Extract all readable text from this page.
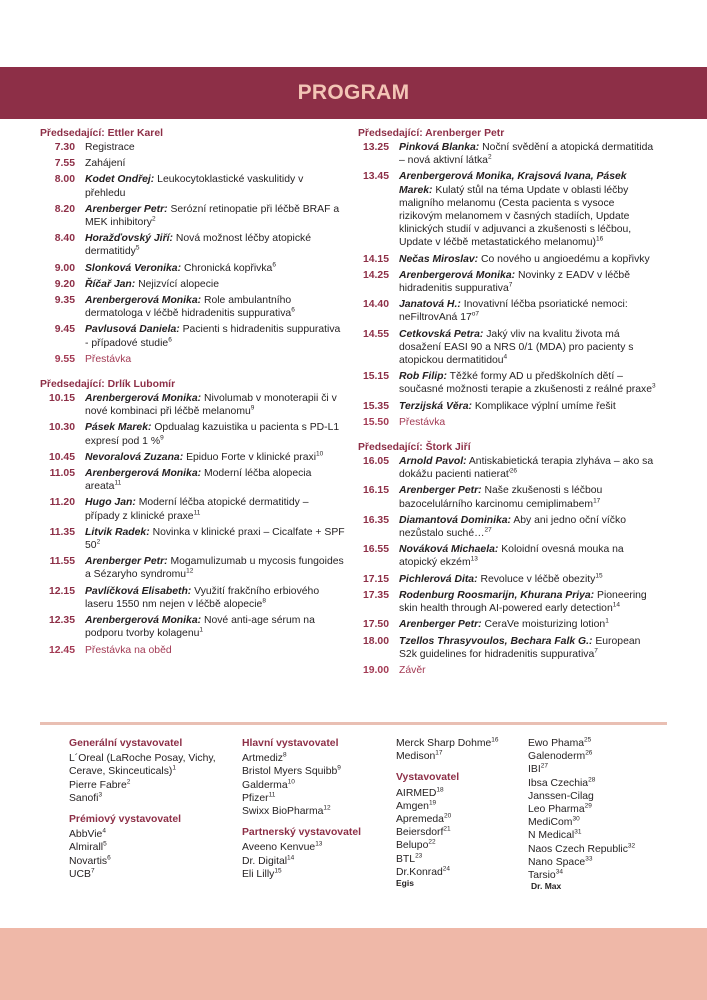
PROGRAM
Předsedající: Ettler Karel
7.30 Registrace
7.55 Zahájení
8.00 Kodet Ondřej: Leukocytoklastické vaskulitidy v přehledu
8.20 Arenberger Petr: Serózní retinopatie při léčbě BRAF a MEK inhibitory$^2$
8.40 Horažďovský Jiří: Nová možnost léčby atopické dermatitidy$^5$
9.00 Slonková Veronika: Chronická kopřivka$^6$
9.20 Říčař Jan: Nejizvící alopecie
9.35 Arenbergerová Monika: Role ambulantního dermatologa v léčbě hidradenitis suppurativa$^6$
9.45 Pavlusová Daniela: Pacienti s hidradenitis suppurativa - případové studie$^6$
9.55 Přestávka
Předsedající: Drlík Lubomír
10.15 Arenbergerová Monika: Nivolumab v monoterapii či v nové kombinaci při léčbě melanomu$^9$
10.30 Pásek Marek: Opdualag kazuistika u pacienta s PD-L1 expresí pod 1 %$^9$
10.45 Nevoralová Zuzana: Epiduo Forte v klinické praxi$^{10}$
11.05 Arenbergerová Monika: Moderní léčba alopecia areata$^{11}$
11.20 Hugo Jan: Moderní léčba atopické dermatitidy – případy z klinické praxe$^{11}$
11.35 Litvik Radek: Novinka v klinické praxi – Cicalfate + SPF $50^2$
11.55 Arenberger Petr: Mogamulizumab u mycosis fungoides a Sézaryho syndromu$^{12}$
12.15 Pavlíčková Elisabeth: Využití frakčního erbiového laseru 1550 nm nejen v léčbě alopecie$^8$
12.35 Arenbergerová Monika: Nové anti-age sérum na podporu tvorby kolagenu$^1$
12.45 Přestávka na oběd
Předsedající: Arenberger Petr
13.25 Pinková Blanka: Noční svědění a atopická dermatitida – nová aktivní látka$^2$
13.45 Arenbergerová Monika, Krajsová Ivana, Pásek Marek: Kulatý stůl na téma Update v oblasti léčby maligního melanomu (Cesta pacienta s vysoce rizikovým melanomem v časných stadiích, Update klinických studií v adjuvanci a zkušenosti s léčbou, Update v léčbě metastatického melanomu)$^{16}$
14.15 Nečas Miroslav: Co nového u angioedému a kopřivky
14.25 Arenbergerová Monika: Novinky z EADV v léčbě hidradenitis suppurativa$^7$
14.40 Janatová H.: Inovativní léčba psoriatické nemoci: neFiltrovAná $17^{o7}$
14.55 Cetkovská Petra: Jaký vliv na kvalitu života má dosažení EASI 90 a NRS 0/1 (MDA) pro pacienty s atopickou dermatitidou$^4$
15.15 Rob Filip: Těžké formy AD u předškolních dětí – současné možnosti terapie a zkušenosti z reálné praxe$^3$
15.35 Terzijská Věra: Komplikace výplní umíme řešit
15.50 Přestávka
Předsedající: Štork Jiří
16.05 Arnold Pavol: Antiskabietická terapia zlyháva – ako sa dokážu pacienti natierať$^{26}$
16.15 Arenberger Petr: Naše zkušenosti s léčbou bazocelulárního karcinomu cemiplimabem$^{17}$
16.35 Diamantová Dominika: Aby ani jedno oční víčko nezůstalo suché…$^{27}$
16.55 Nováková Michaela: Koloidní ovesná mouka na atopický ekzém$^{13}$
17.15 Pichlerová Dita: Revoluce v léčbě obezity$^{15}$
17.35 Rodenburg Roosmarijn, Khurana Priya: Pioneering skin health through AI-powered early detection$^{14}$
17.50 Arenberger Petr: CeraVe moisturizing lotion$^1$
18.00 Tzellos Thrasyvoulos, Bechara Falk G.: European S2k guidelines for hidradenitis suppurativa$^7$
19.00 Závěr
Generální vystavovatel
L´Oreal (LaRoche Posay, Vichy, Cerave, Skinceuticals)$^1$
Pierre Fabre$^2$
Sanofi$^3$
Prémiový vystavovatel
AbbVie$^4$
Almirall$^5$
Novartis$^6$
UCB$^7$
Hlavní vystavovatel
Artmediz$^8$
Bristol Myers Squibb$^9$
Galderma$^{10}$
Pfizer$^{11}$
Swixx BioPharma$^{12}$
Partnerský vystavovatel
Aveeno Kenvue$^{13}$
Dr. Digital$^{14}$
Eli Lilly$^{15}$
Merck Sharp Dohme$^{16}$
Medison$^{17}$
Vystavovatel
AIRMED$^{18}$
Amgen$^{19}$
Apremeda$^{20}$
Beiersdorf$^{21}$
Belupo$^{22}$
BTL$^{23}$
Dr.Konrad$^{24}$
Egis
Ewo Phama$^{25}$
Galenoderm$^{26}$
IBI$^{27}$
Ibsa Czechia$^{28}$
Janssen-Cilag
Leo Pharma$^{29}$
MediCom$^{30}$
N Medical$^{31}$
Naos Czech Republic$^{32}$
Nano Space$^{33}$
Tarsio$^{34}$
Dr. Max
